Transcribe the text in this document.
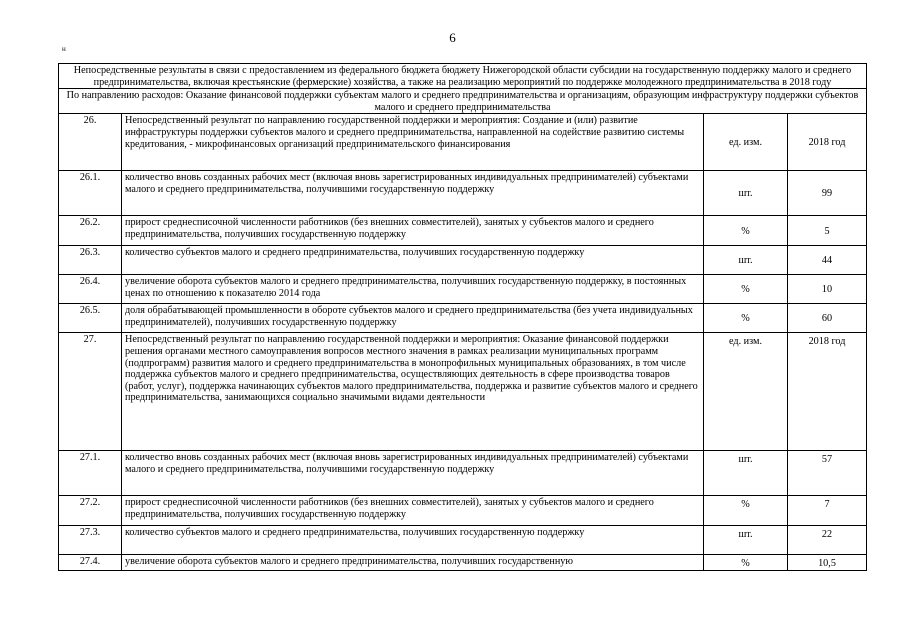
6
н
Непосредственные результаты в связи с предоставлением из федерального бюджета бюджету Нижегородской области субсидии на государственную поддержку малого и среднего предпринимательства, включая крестьянские (фермерские) хозяйства, а также на реализацию мероприятий по поддержке молодежного предпринимательства в 2018 году			
По направлению расходов: Оказание финансовой поддержки субъектам малого и среднего предпринимательства и организациям, образующим инфраструктуру поддержки субъектов малого и среднего предпринимательства			
26.	Непосредственный результат по направлению государственной поддержки и мероприятия: Создание и (или) развитие инфраструктуры поддержки субъектов малого и среднего предпринимательства, направленной на содействие развитию системы кредитования, - микрофинансовых организаций предпринимательского финансирования	ед. изм.	2018 год
26.1.	количество вновь созданных рабочих мест (включая вновь зарегистрированных индивидуальных предпринимателей) субъектами малого и среднего предпринимательства, получившими государственную поддержку	шт.	99
26.2.	прирост среднесписочной численности работников (без внешних совместителей), занятых у субъектов малого и среднего предпринимательства, получивших государственную поддержку	%	5
26.3.	количество субъектов малого и среднего предпринимательства, получивших государственную поддержку	шт.	44
26.4.	увеличение оборота субъектов малого и среднего предпринимательства, получивших государственную поддержку, в постоянных ценах по отношению к показателю 2014 года	%	10
26.5.	доля обрабатывающей промышленности в обороте субъектов малого и среднего предпринимательства (без учета индивидуальных предпринимателей), получивших государственную поддержку	%	60
27.	Непосредственный результат по направлению государственной поддержки и мероприятия: Оказание финансовой поддержки решения органами местного самоуправления вопросов местного значения в рамках реализации муниципальных программ (подпрограмм) развития малого и среднего предпринимательства в монопрофильных муниципальных образованиях, в том числе поддержка субъектов малого и среднего предпринимательства, осуществляющих деятельность в сфере производства товаров (работ, услуг), поддержка начинающих субъектов малого предпринимательства, поддержка и развитие субъектов малого и среднего предпринимательства, занимающихся социально значимыми видами деятельности	ед. изм.	2018 год
27.1.	количество вновь созданных рабочих мест (включая вновь зарегистрированных индивидуальных предпринимателей) субъектами малого и среднего предпринимательства, получившими государственную поддержку	шт.	57
27.2.	прирост среднесписочной численности работников (без внешних совместителей), занятых у субъектов малого и среднего предпринимательства, получивших государственную поддержку	%	7
27.3.	количество субъектов малого и среднего предпринимательства, получивших государственную поддержку	шт.	22
27.4.	увеличение оборота субъектов малого и среднего предпринимательства, получивших государственную	%	10,5
